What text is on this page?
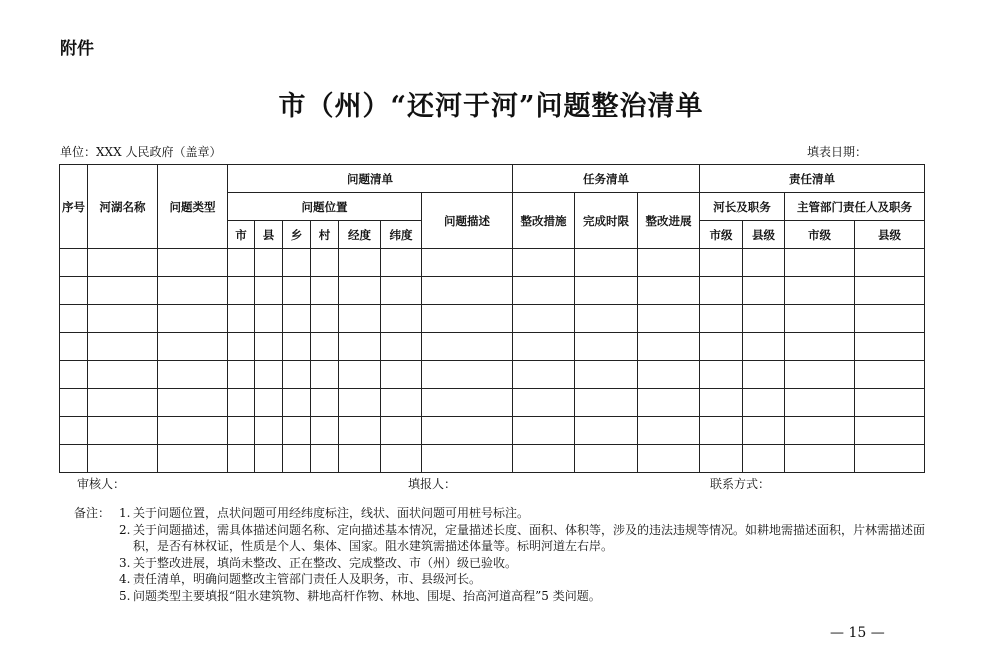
附件
市（州）“还河于河”问题整治清单
单位：XXX 人民政府（盖章）	填表日期：
序号	河湖名称	问题类型	问题清单							任务清单			责任清单			
			问题位置						问题描述	整改措施	完成时限	整改进展	河长及职务		主管部门责任人及职务	
			市	县	乡	村	经度	纬度					市级	县级	市级	县级

审核人：	填报人：	联系方式：
备注： 1. 关于问题位置，点状问题可用经纬度标注，线状、面状问题可用桩号标注。
2. 关于问题描述，需具体描述问题名称、定向描述基本情况，定量描述长度、面积、体积等，涉及的违法违规等情况。如耕地需描述面积，片林需描述面积，是否有林权证，性质是个人、集体、国家。阻水建筑需描述体量等。标明河道左右岸。
3. 关于整改进展，填尚未整改、正在整改、完成整改、市（州）级已验收。
4. 责任清单，明确问题整改主管部门责任人及职务，市、县级河长。
5. 问题类型主要填报“阻水建筑物、耕地高杆作物、林地、围堤、抬高河道高程”5 类问题。
— 15 —
